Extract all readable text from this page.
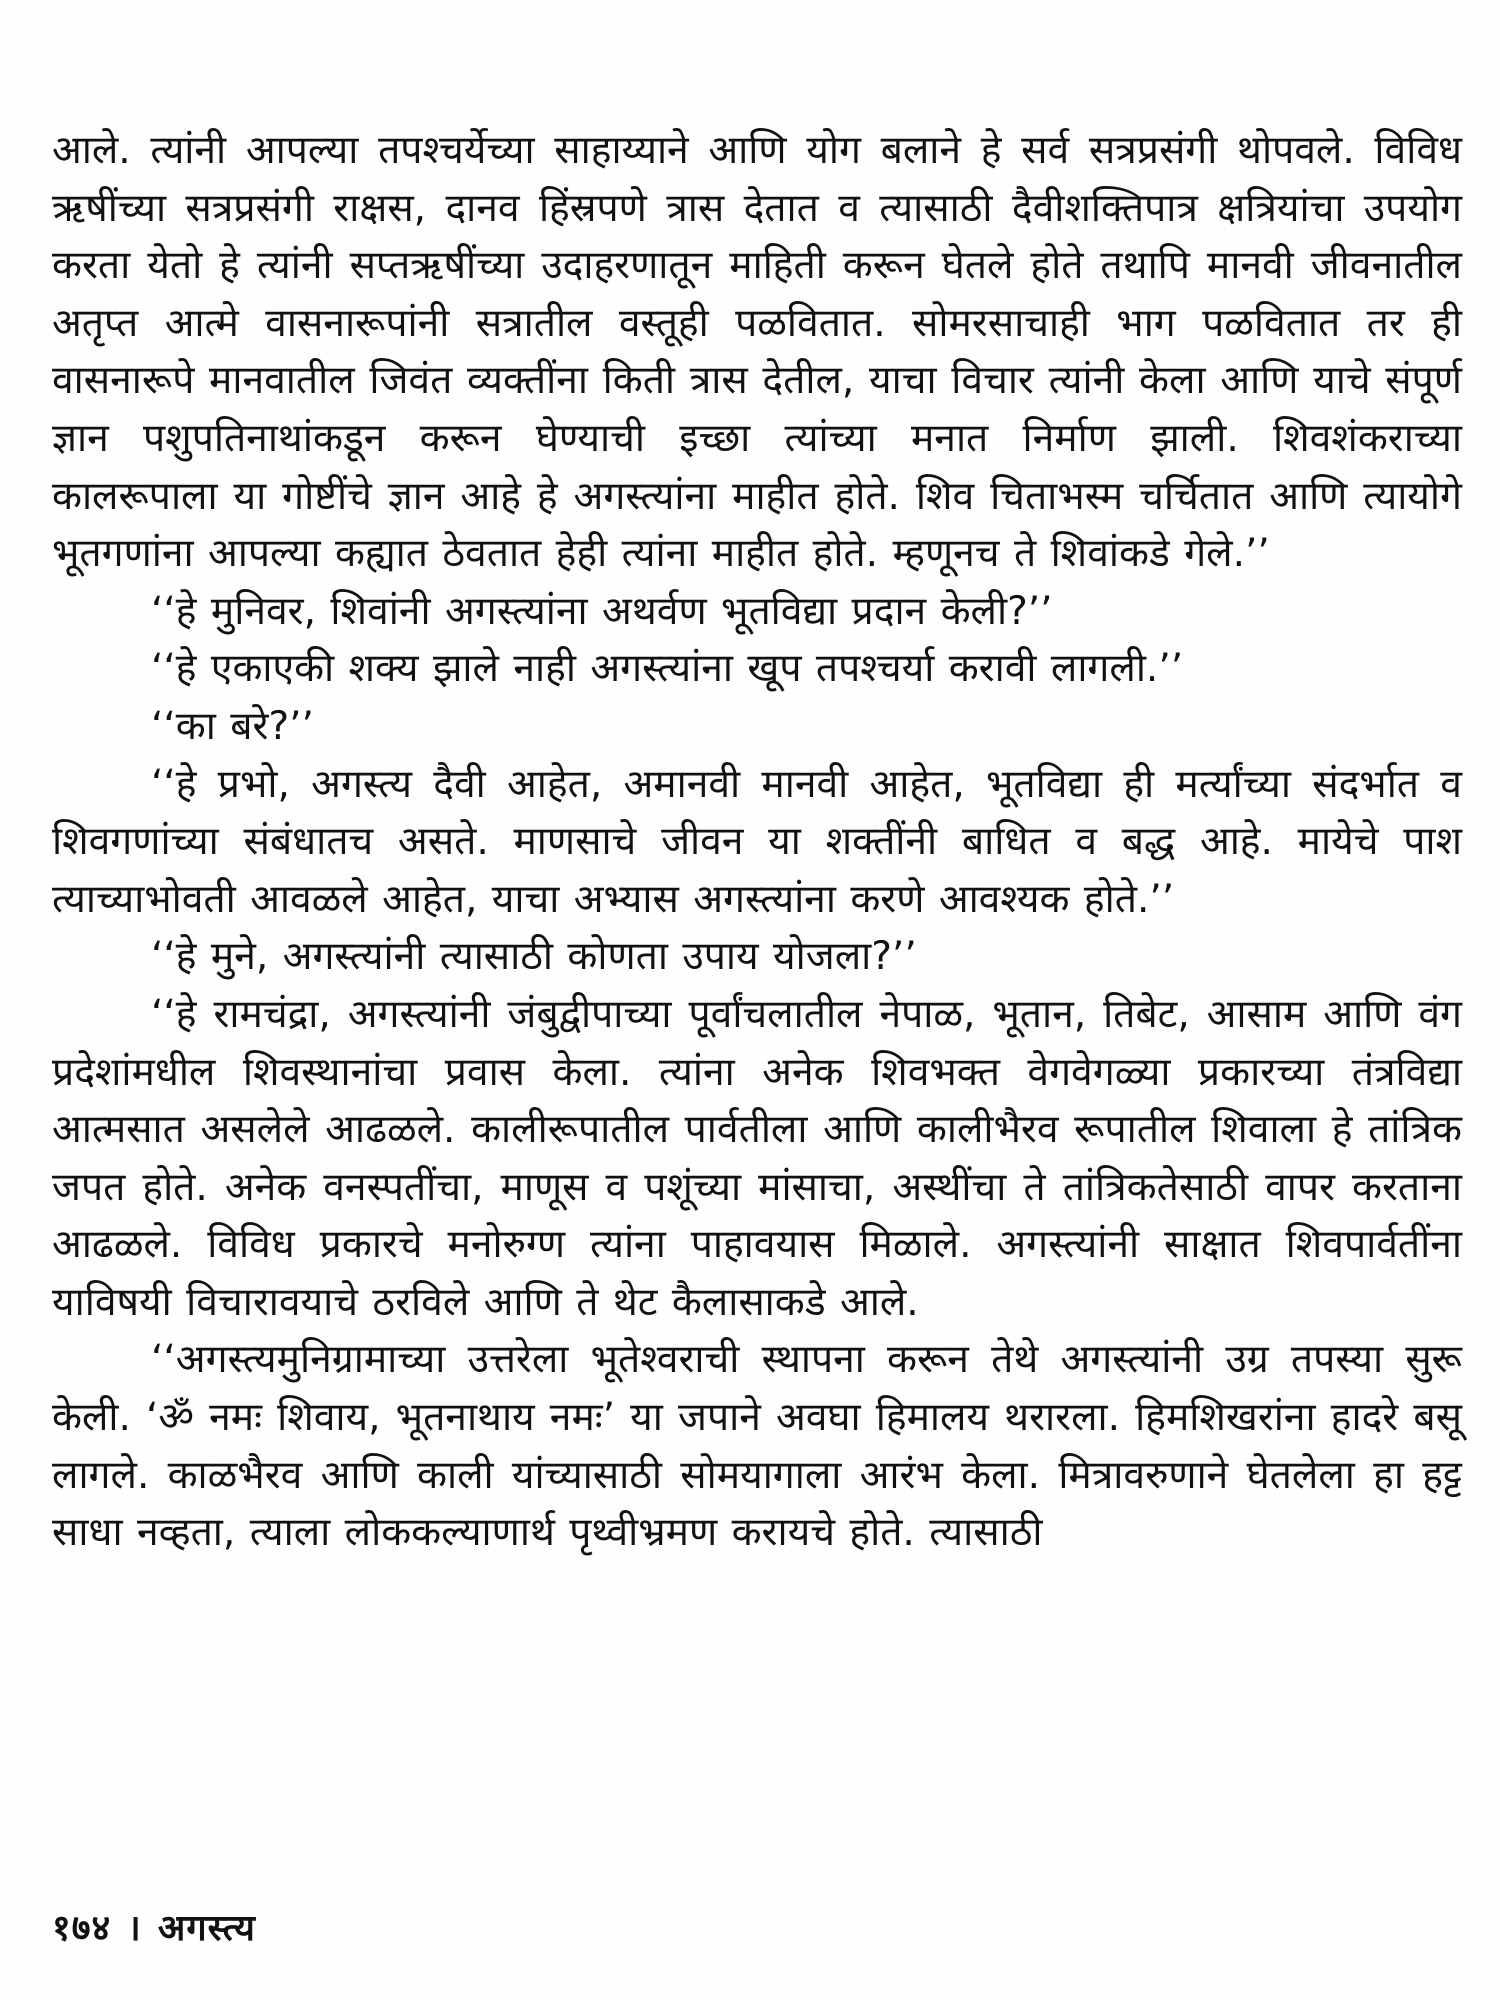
आले. त्यांनी आपल्या तपश्चर्येच्या साहाय्याने आणि योग बलाने हे सर्व सत्रप्रसंगी थोपवले. विविध ऋषींच्या सत्रप्रसंगी राक्षस, दानव हिंस्रपणे त्रास देतात व त्यासाठी दैवीशक्तिपात्र क्षत्रियांचा उपयोग करता येतो हे त्यांनी सप्तऋषींच्या उदाहरणातून माहिती करून घेतले होते तथापि मानवी जीवनातील अतृप्त आत्मे वासनारूपांनी सत्रातील वस्तूही पळवितात. सोमरसाचाही भाग पळवितात तर ही वासनारूपे मानवातील जिवंत व्यक्तींना किती त्रास देतील, याचा विचार त्यांनी केला आणि याचे संपूर्ण ज्ञान पशुपतिनाथांकडून करून घेण्याची इच्छा त्यांच्या मनात निर्माण झाली. शिवशंकराच्या कालरूपाला या गोष्टींचे ज्ञान आहे हे अगस्त्यांना माहीत होते. शिव चिताभस्म चर्चितात आणि त्यायोगे भूतगणांना आपल्या कह्यात ठेवतात हेही त्यांना माहीत होते. म्हणूनच ते शिवांकडे गेले.’’

‘‘हे मुनिवर, शिवांनी अगस्त्यांना अथर्वण भूतविद्या प्रदान केली?’’

‘‘हे एकाएकी शक्य झाले नाही अगस्त्यांना खूप तपश्चर्या करावी लागली.’’

‘‘का बरे?’’

‘‘हे प्रभो, अगस्त्य दैवी आहेत, अमानवी मानवी आहेत, भूतविद्या ही मर्त्यांच्या संदर्भात व शिवगणांच्या संबंधातच असते. माणसाचे जीवन या शक्तींनी बाधित व बद्ध आहे. मायेचे पाश त्याच्याभोवती आवळले आहेत, याचा अभ्यास अगस्त्यांना करणे आवश्यक होते.’’

‘‘हे मुने, अगस्त्यांनी त्यासाठी कोणता उपाय योजला?’’

‘‘हे रामचंद्रा, अगस्त्यांनी जंबुद्वीपाच्या पूर्वांचलातील नेपाळ, भूतान, तिबेट, आसाम आणि वंग प्रदेशांमधील शिवस्थानांचा प्रवास केला. त्यांना अनेक शिवभक्त वेगवेगळ्या प्रकारच्या तंत्रविद्या आत्मसात असलेले आढळले. कालीरूपातील पार्वतीला आणि कालीभैरव रूपातील शिवाला हे तांत्रिक जपत होते. अनेक वनस्पतींचा, माणूस व पशूंच्या मांसाचा, अस्थींचा ते तांत्रिकतेसाठी वापर करताना आढळले. विविध प्रकारचे मनोरुग्ण त्यांना पाहावयास मिळाले. अगस्त्यांनी साक्षात शिवपार्वतींना याविषयी विचारावयाचे ठरविले आणि ते थेट कैलासाकडे आले.

‘‘अगस्त्यमुनिग्रामाच्या उत्तरेला भूतेश्वराची स्थापना करून तेथे अगस्त्यांनी उग्र तपस्या सुरू केली. ‘ॐ नमः शिवाय, भूतनाथाय नमः’ या जपाने अवघा हिमालय थरारला. हिमशिखरांना हादरे बसू लागले. काळभैरव आणि काली यांच्यासाठी सोमयागाला आरंभ केला. मित्रावरुणाने घेतलेला हा हट्ट साधा नव्हता, त्याला लोककल्याणार्थ पृथ्वीभ्रमण करायचे होते. त्यासाठी

१७४ । अगस्त्य
